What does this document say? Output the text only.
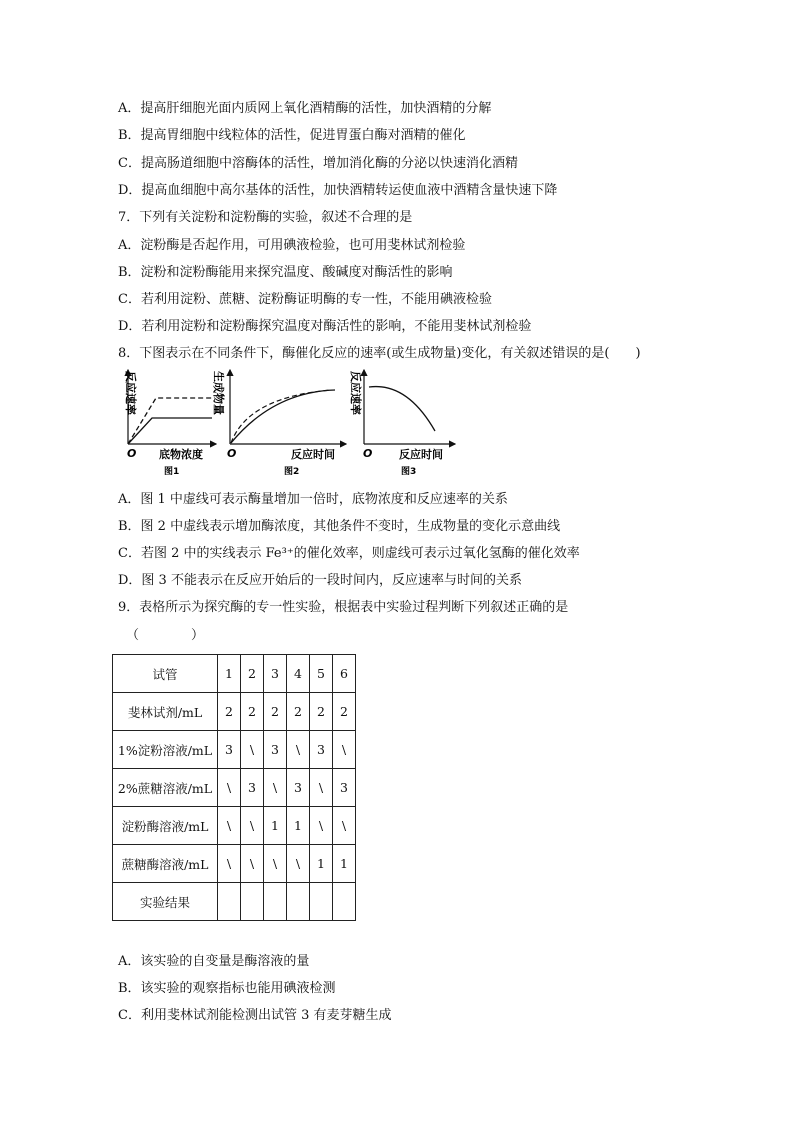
A．提高肝细胞光面内质网上氧化酒精酶的活性，加快酒精的分解
B．提高胃细胞中线粒体的活性，促进胃蛋白酶对酒精的催化
C．提高肠道细胞中溶酶体的活性，增加消化酶的分泌以快速消化酒精
D．提高血细胞中高尔基体的活性，加快酒精转运使血液中酒精含量快速下降
7．下列有关淀粉和淀粉酶的实验，叙述不合理的是
A．淀粉酶是否起作用，可用碘液检验，也可用斐林试剂检验
B．淀粉和淀粉酶能用来探究温度、酸碱度对酶活性的影响
C．若利用淀粉、蔗糖、淀粉酶证明酶的专一性，不能用碘液检验
D．若利用淀粉和淀粉酶探究温度对酶活性的影响，不能用斐林试剂检验
8．下图表示在不同条件下，酶催化反应的速率(或生成物量)变化，有关叙述错误的是(　　)
反应速率
O 底物浓度
图1
生成物量
O	反应时间
图2
反应速率
O 反应时间
图3
A．图 1 中虚线可表示酶量增加一倍时，底物浓度和反应速率的关系
B．图 2 中虚线表示增加酶浓度，其他条件不变时，生成物量的变化示意曲线
C．若图 2 中的实线表示 Fe³⁺的催化效率，则虚线可表示过氧化氢酶的催化效率
D．图 3 不能表示在反应开始后的一段时间内，反应速率与时间的关系
9．表格所示为探究酶的专一性实验，根据表中实验过程判断下列叙述正确的是
（　　　　）
试管	1	2	3	4	5	6
斐林试剂/mL	2	2	2	2	2	2
1%淀粉溶液/mL	3	\	3	\	3	\
2%蔗糖溶液/mL	\	3	\	3	\	3
淀粉酶溶液/mL	\	\	1	1	\	\
蔗糖酶溶液/mL	\	\	\	\	1	1
实验结果						
A．该实验的自变量是酶溶液的量
B．该实验的观察指标也能用碘液检测
C．利用斐林试剂能检测出试管 3 有麦芽糖生成
